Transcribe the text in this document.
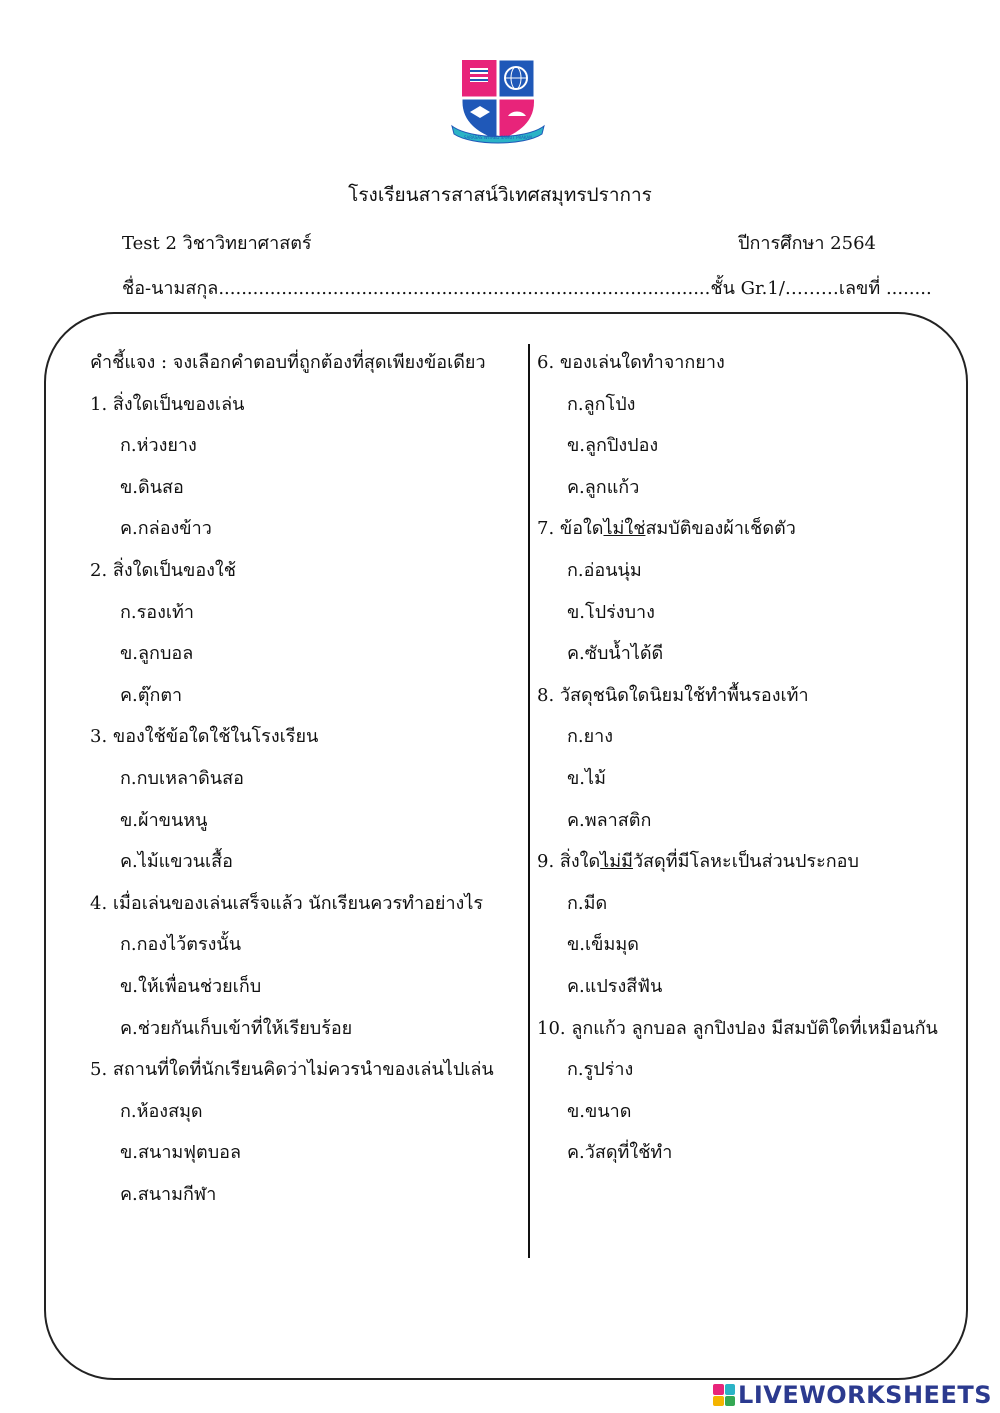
SARASAS WITAED SAMUT PRAKAN
โรงเรียนสารสาสน์วิเทศสมุทรปราการ
Test 2 วิชาวิทยาศาสตร์	ปีการศึกษา 2564
ชื่อ-นามสกุล......................................................................................ชั้น Gr.1/………เลขที่ ........
คำชี้แจง : จงเลือกคำตอบที่ถูกต้องที่สุดเพียงข้อเดียว
1. สิ่งใดเป็นของเล่น
ก.ห่วงยาง
ข.ดินสอ
ค.กล่องข้าว
2. สิ่งใดเป็นของใช้
ก.รองเท้า
ข.ลูกบอล
ค.ตุ๊กตา
3. ของใช้ข้อใดใช้ในโรงเรียน
ก.กบเหลาดินสอ
ข.ผ้าขนหนู
ค.ไม้แขวนเสื้อ
4. เมื่อเล่นของเล่นเสร็จแล้ว นักเรียนควรทำอย่างไร
ก.กองไว้ตรงนั้น
ข.ให้เพื่อนช่วยเก็บ
ค.ช่วยกันเก็บเข้าที่ให้เรียบร้อย
5. สถานที่ใดที่นักเรียนคิดว่าไม่ควรนำของเล่นไปเล่น
ก.ห้องสมุด
ข.สนามฟุตบอล
ค.สนามกีฬา
6. ของเล่นใดทำจากยาง
ก.ลูกโป่ง
ข.ลูกปิงปอง
ค.ลูกแก้ว
7. ข้อใดไม่ใช่สมบัติของผ้าเช็ดตัว
ก.อ่อนนุ่ม
ข.โปร่งบาง
ค.ซับน้ำได้ดี
8. วัสดุชนิดใดนิยมใช้ทำพื้นรองเท้า
ก.ยาง
ข.ไม้
ค.พลาสติก
9. สิ่งใดไม่มีวัสดุที่มีโลหะเป็นส่วนประกอบ
ก.มีด
ข.เข็มมุด
ค.แปรงสีฟัน
10. ลูกแก้ว ลูกบอล ลูกปิงปอง มีสมบัติใดที่เหมือนกัน
ก.รูปร่าง
ข.ขนาด
ค.วัสดุที่ใช้ทำ
LIVEWORKSHEETS
